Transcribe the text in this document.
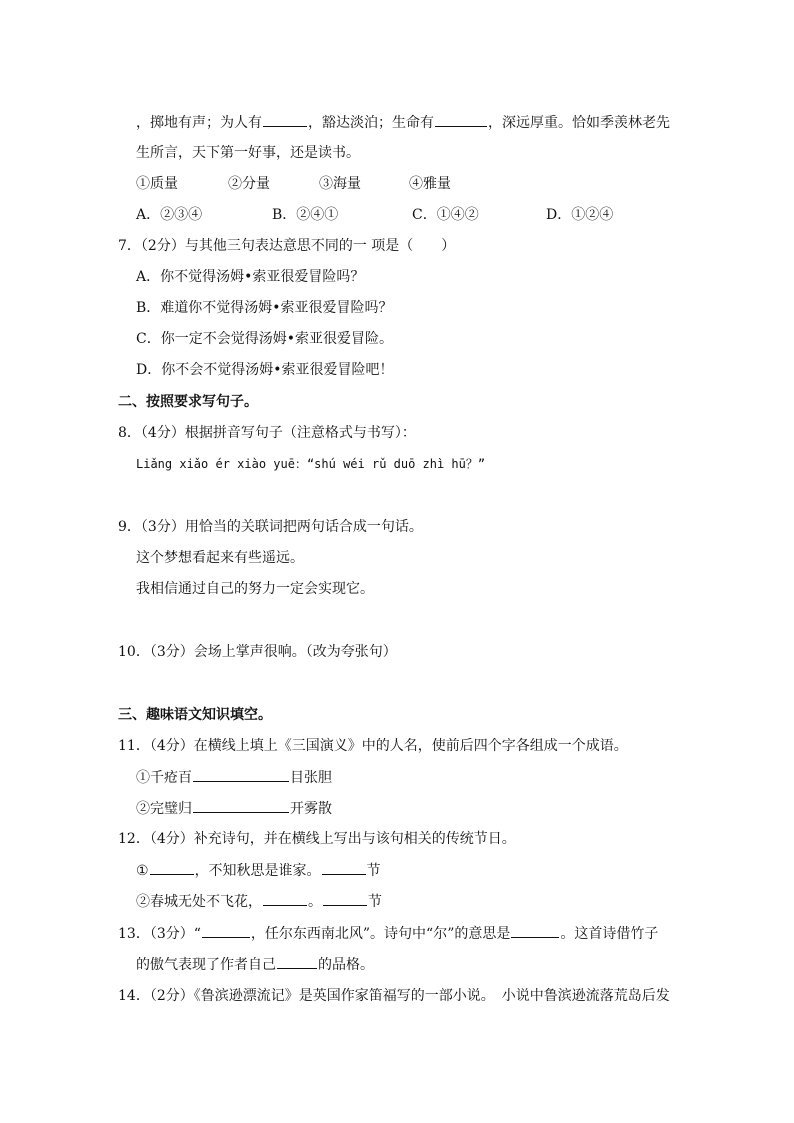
，掷地有声；为人有	，豁达淡泊；生命有	，深远厚重。恰如季羡林老先
生所言，天下第一好事，还是读书。
①质量	②分量	③海量	④雅量
A．②③④	B．②④①	C．①④②	D．①②④
7．（2分）与其他三句表达意思不同的一 项是（　　）
A．你不觉得汤姆•索亚很爱冒险吗？
B．难道你不觉得汤姆•索亚很爱冒险吗？
C．你一定不会觉得汤姆•索亚很爱冒险。
D．你不会不觉得汤姆•索亚很爱冒险吧！
二、按照要求写句子。
8．（4分）根据拼音写句子（注意格式与书写）：
Liǎng xiǎo ér xiào yuē：“shú wéi rǔ duō zhì hū？”
9．（3分）用恰当的关联词把两句话合成一句话。
这个梦想看起来有些遥远。
我相信通过自己的努力一定会实现它。
10．（3分）会场上掌声很响。（改为夸张句）
三、趣味语文知识填空。
11．（4分）在横线上填上《三国演义》中的人名，使前后四个字各组成一个成语。
①千疮百	目张胆
②完璧归	开雾散
12．（4分）补充诗句，并在横线上写出与该句相关的传统节日。
①	，不知秋思是谁家。	节
②春城无处不飞花，	。	节
13．（3分）“	，任尔东西南北风”。诗句中“尔”的意思是	。这首诗借竹子
的傲气表现了作者自己	的品格。
14．（2分）《鲁滨逊漂流记》是英国作家笛福写的一部小说。　小说中鲁滨逊流落荒岛后发
